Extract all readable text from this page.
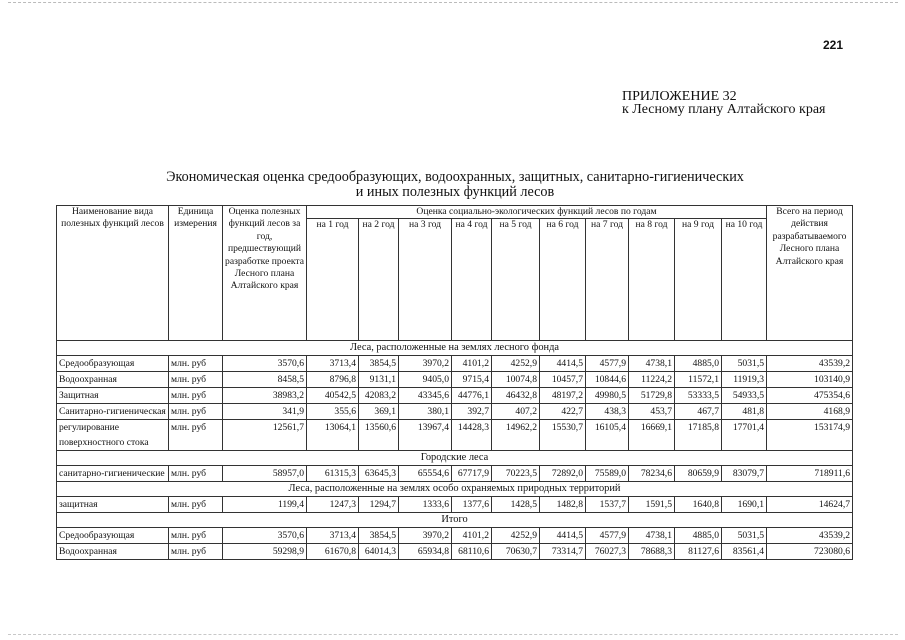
221
ПРИЛОЖЕНИЕ 32
к Лесному плану Алтайского края
Экономическая оценка средообразующих, водоохранных, защитных, санитарно-гигиенических
и иных полезных функций лесов
Наименование вида полезных функций лесов	Единица измерения	Оценка полезных функций лесов за год, предшествующий разработке проекта Лесного плана Алтайского края	Оценка социально-экологических функций лесов по годам										Всего на период действия разрабатываемого Лесного плана Алтайского края
			на 1 год	на 2 год	на 3 год	на 4 год	на 5 год	на 6 год	на 7 год	на 8 год	на 9 год	на 10 год	
Леса, расположенные на землях лесного фонда													
Средообразующая	млн. руб	3570,6	3713,4	3854,5	3970,2	4101,2	4252,9	4414,5	4577,9	4738,1	4885,0	5031,5	43539,2
Водоохранная	млн. руб	8458,5	8796,8	9131,1	9405,0	9715,4	10074,8	10457,7	10844,6	11224,2	11572,1	11919,3	103140,9
Защитная	млн. руб	38983,2	40542,5	42083,2	43345,6	44776,1	46432,8	48197,2	49980,5	51729,8	53333,5	54933,5	475354,6
Санитарно-гигиеническая	млн. руб	341,9	355,6	369,1	380,1	392,7	407,2	422,7	438,3	453,7	467,7	481,8	4168,9
регулирование поверхностного стока	млн. руб	12561,7	13064,1	13560,6	13967,4	14428,3	14962,2	15530,7	16105,4	16669,1	17185,8	17701,4	153174,9
Городские леса													
санитарно-гигиенические	млн. руб	58957,0	61315,3	63645,3	65554,6	67717,9	70223,5	72892,0	75589,0	78234,6	80659,9	83079,7	718911,6
Леса, расположенные на землях особо охраняемых природных территорий													
защитная	млн. руб	1199,4	1247,3	1294,7	1333,6	1377,6	1428,5	1482,8	1537,7	1591,5	1640,8	1690,1	14624,7
Итого													
Средообразующая	млн. руб	3570,6	3713,4	3854,5	3970,2	4101,2	4252,9	4414,5	4577,9	4738,1	4885,0	5031,5	43539,2
Водоохранная	млн. руб	59298,9	61670,8	64014,3	65934,8	68110,6	70630,7	73314,7	76027,3	78688,3	81127,6	83561,4	723080,6
